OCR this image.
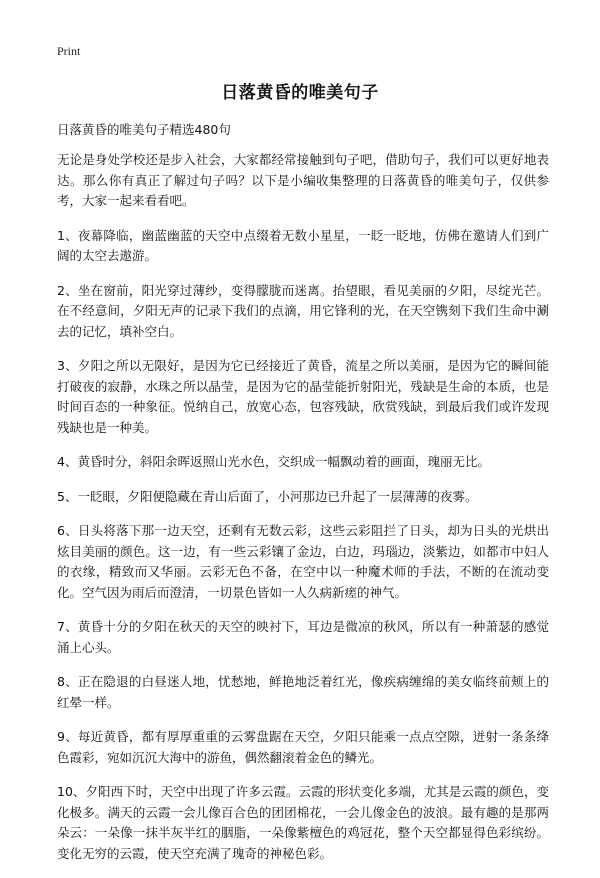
Print
日落黄昏的唯美句子
日落黄昏的唯美句子精选480句

无论是身处学校还是步入社会，大家都经常接触到句子吧，借助句子，我们可以更好地表达。那么你有真正了解过句子吗？以下是小编收集整理的日落黄昏的唯美句子，仅供参考，大家一起来看看吧。

1、夜幕降临，幽蓝幽蓝的天空中点缀着无数小星星，一眨一眨地，仿佛在邀请人们到广阔的太空去遨游。

2、坐在窗前，阳光穿过薄纱，变得朦胧而迷离。抬望眼，看见美丽的夕阳，尽绽光芒。在不经意间，夕阳无声的记录下我们的点滴，用它锋利的光，在天空镌刻下我们生命中涮去的记忆，填补空白。

3、夕阳之所以无限好，是因为它已经接近了黄昏，流星之所以美丽，是因为它的瞬间能打破夜的寂静，水珠之所以晶莹，是因为它的晶莹能折射阳光，残缺是生命的本质，也是时间百态的一种象征。悦纳自己，放宽心态，包容残缺，欣赏残缺，到最后我们或许发现残缺也是一种美。

4、黄昏时分，斜阳余晖返照山光水色，交织成一幅飘动着的画面，瑰丽无比。

5、一眨眼，夕阳便隐藏在青山后面了，小河那边已升起了一层薄薄的夜雾。

6、日头将落下那一边天空，还剩有无数云彩，这些云彩阻拦了日头，却为日头的光烘出炫目美丽的颜色。这一边，有一些云彩镶了金边，白边，玛瑙边，淡紫边，如都市中妇人的衣缘，精致而又华丽。云彩无色不备，在空中以一种魔术师的手法，不断的在流动变化。空气因为雨后而澄清，一切景色皆如一人久病新瘥的神气。

7、黄昏十分的夕阳在秋天的天空的映衬下，耳边是微凉的秋风，所以有一种萧瑟的感觉涌上心头。

8、正在隐退的白昼迷人地，忧愁地，鲜艳地泛着红光，像疾病缠绵的美女临终前颊上的红晕一样。

9、每近黄昏，都有厚厚重重的云雾盘踞在天空，夕阳只能乘一点点空隙，迸射一条条绛色霞彩，宛如沉沉大海中的游鱼，偶然翻滚着金色的鳞光。

10、夕阳西下时，天空中出现了许多云霞。云霞的形状变化多端，尤其是云霞的颜色，变化极多。满天的云霞一会儿像百合色的团团棉花，一会儿像金色的波浪。最有趣的是那两朵云：一朵像一抹半灰半红的胭脂，一朵像紫檀色的鸡冠花，整个天空都显得色彩缤纷。变化无穷的云霞，使天空充满了瑰奇的神秘色彩。
